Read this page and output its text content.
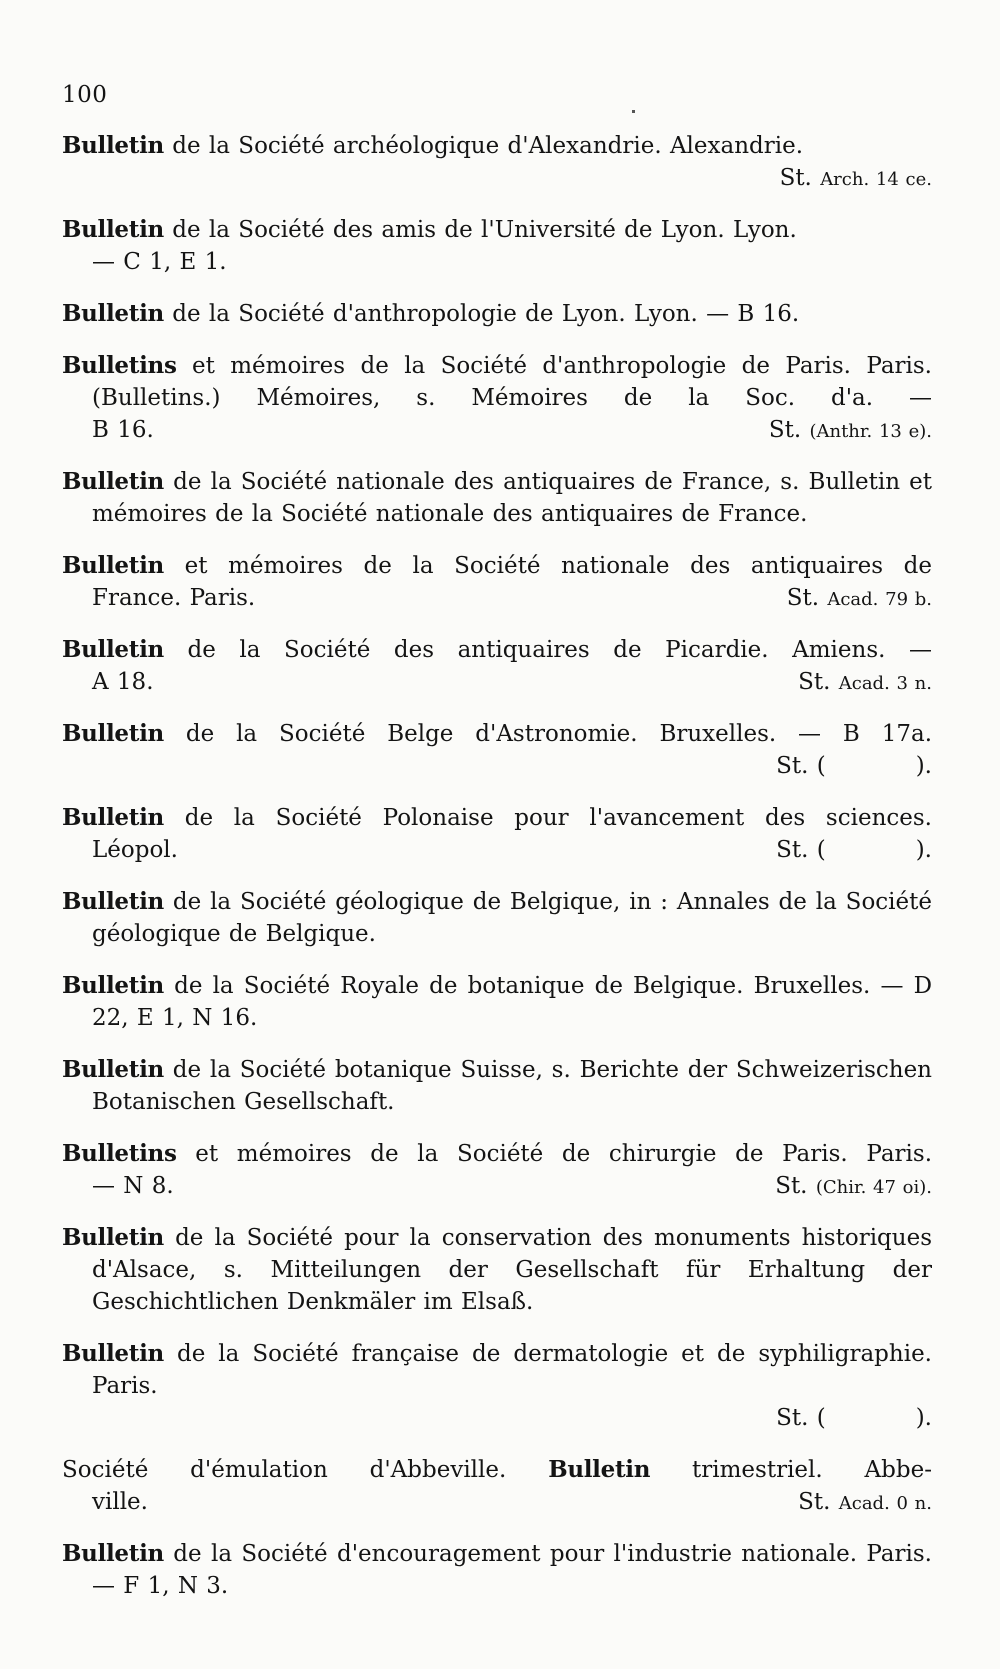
100
Bulletin de la Société archéologique d'Alexandrie. Alexandrie.
St. Arch. 14 ce.
Bulletin de la Société des amis de l'Université de Lyon. Lyon.
— C 1, E 1.
Bulletin de la Société d'anthropologie de Lyon. Lyon. — B 16.
Bulletins et mémoires de la Société d'anthropologie de Paris. Paris. (Bulletins.) Mémoires, s. Mémoires de la Soc. d'a. —
B 16.	St. (Anthr. 13 e).
Bulletin de la Société nationale des antiquaires de France, s. Bulletin et mémoires de la Société nationale des antiquaires de France.
Bulletin et mémoires de la Société nationale des antiquaires de
France. Paris.	St. Acad. 79 b.
Bulletin de la Société des antiquaires de Picardie. Amiens. —
A 18.	St. Acad. 3 n.
Bulletin de la Société Belge d'Astronomie. Bruxelles. — B 17a.
St. (	).
Bulletin de la Société Polonaise pour l'avancement des sciences.
Léopol.	St. (	).
Bulletin de la Société géologique de Belgique, in : Annales de la Société géologique de Belgique.
Bulletin de la Société Royale de botanique de Belgique. Bruxelles. — D 22, E 1, N 16.
Bulletin de la Société botanique Suisse, s. Berichte der Schweizerischen Botanischen Gesellschaft.
Bulletins et mémoires de la Société de chirurgie de Paris. Paris.
— N 8.	St. (Chir. 47 oi).
Bulletin de la Société pour la conservation des monuments historiques d'Alsace, s. Mitteilungen der Gesellschaft für Erhaltung der Geschichtlichen Denkmäler im Elsaß.
Bulletin de la Société française de dermatologie et de syphiligraphie. Paris.
St. (	).
Société d'émulation d'Abbeville. Bulletin trimestriel. Abbe-
ville.	St. Acad. 0 n.
Bulletin de la Société d'encouragement pour l'industrie nationale. Paris. — F 1, N 3.
